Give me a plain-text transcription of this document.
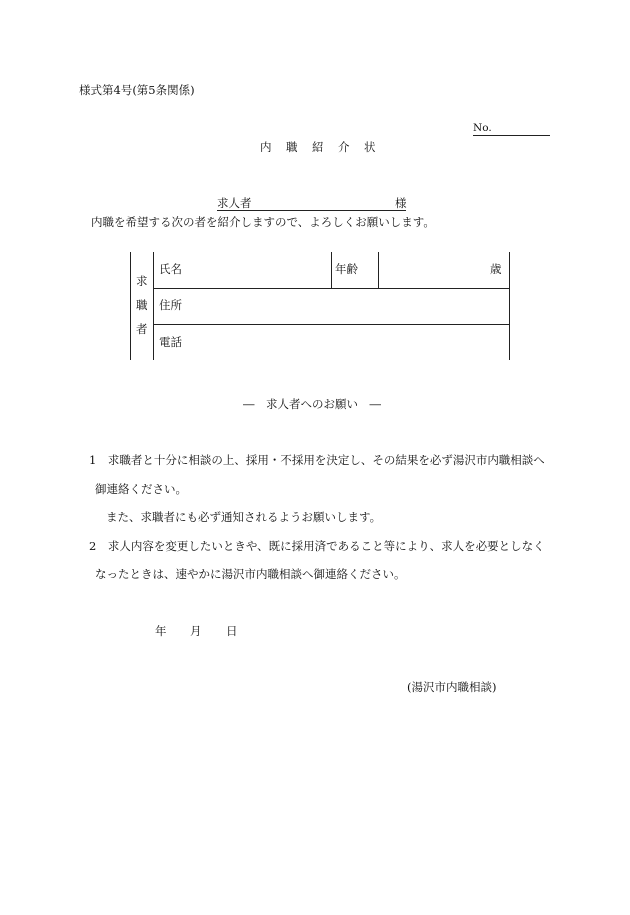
様式第4号(第5条関係)
No.
内 職 紹 介 状
求人者	様
内職を希望する次の者を紹介しますので、よろしくお願いします。
求
職
者
氏名	年齢	歳
住所
電話
―　求人者へのお願い　―
1　求職者と十分に相談の上、採用・不採用を決定し、その結果を必ず湯沢市内職相談へ
御連絡ください。
また、求職者にも必ず通知されるようお願いします。
2　求人内容を変更したいときや、既に採用済であること等により、求人を必要としなく
なったときは、速やかに湯沢市内職相談へ御連絡ください。
年 月 日
(湯沢市内職相談)
